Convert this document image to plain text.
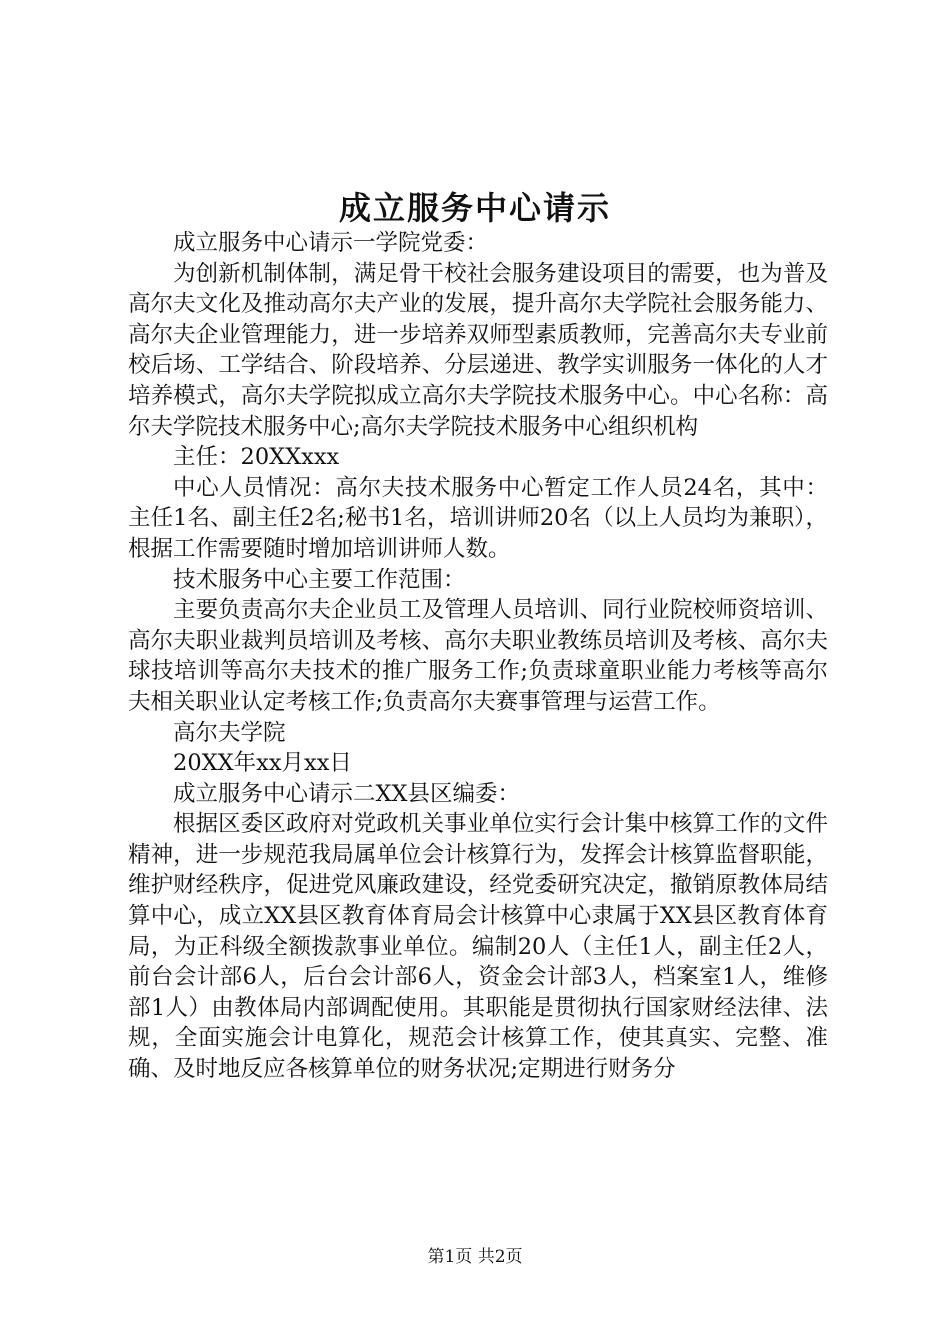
成立服务中心请示

成立服务中心请示一学院党委：

为创新机制体制，满足骨干校社会服务建设项目的需要，也为普及高尔夫文化及推动高尔夫产业的发展，提升高尔夫学院社会服务能力、高尔夫企业管理能力，进一步培养双师型素质教师，完善高尔夫专业前校后场、工学结合、阶段培养、分层递进、教学实训服务一体化的人才培养模式，高尔夫学院拟成立高尔夫学院技术服务中心。中心名称：高尔夫学院技术服务中心;高尔夫学院技术服务中心组织机构

主任：20XXxxx

中心人员情况：高尔夫技术服务中心暂定工作人员24名，其中：主任1名、副主任2名;秘书1名，培训讲师20名（以上人员均为兼职），根据工作需要随时增加培训讲师人数。

技术服务中心主要工作范围：

主要负责高尔夫企业员工及管理人员培训、同行业院校师资培训、高尔夫职业裁判员培训及考核、高尔夫职业教练员培训及考核、高尔夫球技培训等高尔夫技术的推广服务工作;负责球童职业能力考核等高尔夫相关职业认定考核工作;负责高尔夫赛事管理与运营工作。

高尔夫学院

20XX年xx月xx日

成立服务中心请示二XX县区编委：

根据区委区政府对党政机关事业单位实行会计集中核算工作的文件精神，进一步规范我局属单位会计核算行为，发挥会计核算监督职能，维护财经秩序，促进党风廉政建设，经党委研究决定，撤销原教体局结算中心，成立XX县区教育体育局会计核算中心隶属于XX县区教育体育局，为正科级全额拨款事业单位。编制20人（主任1人，副主任2人，前台会计部6人，后台会计部6人，资金会计部3人，档案室1人，维修部1人）由教体局内部调配使用。其职能是贯彻执行国家财经法律、法规，全面实施会计电算化，规范会计核算工作，使其真实、完整、准确、及时地反应各核算单位的财务状况;定期进行财务分

第1页 共2页
